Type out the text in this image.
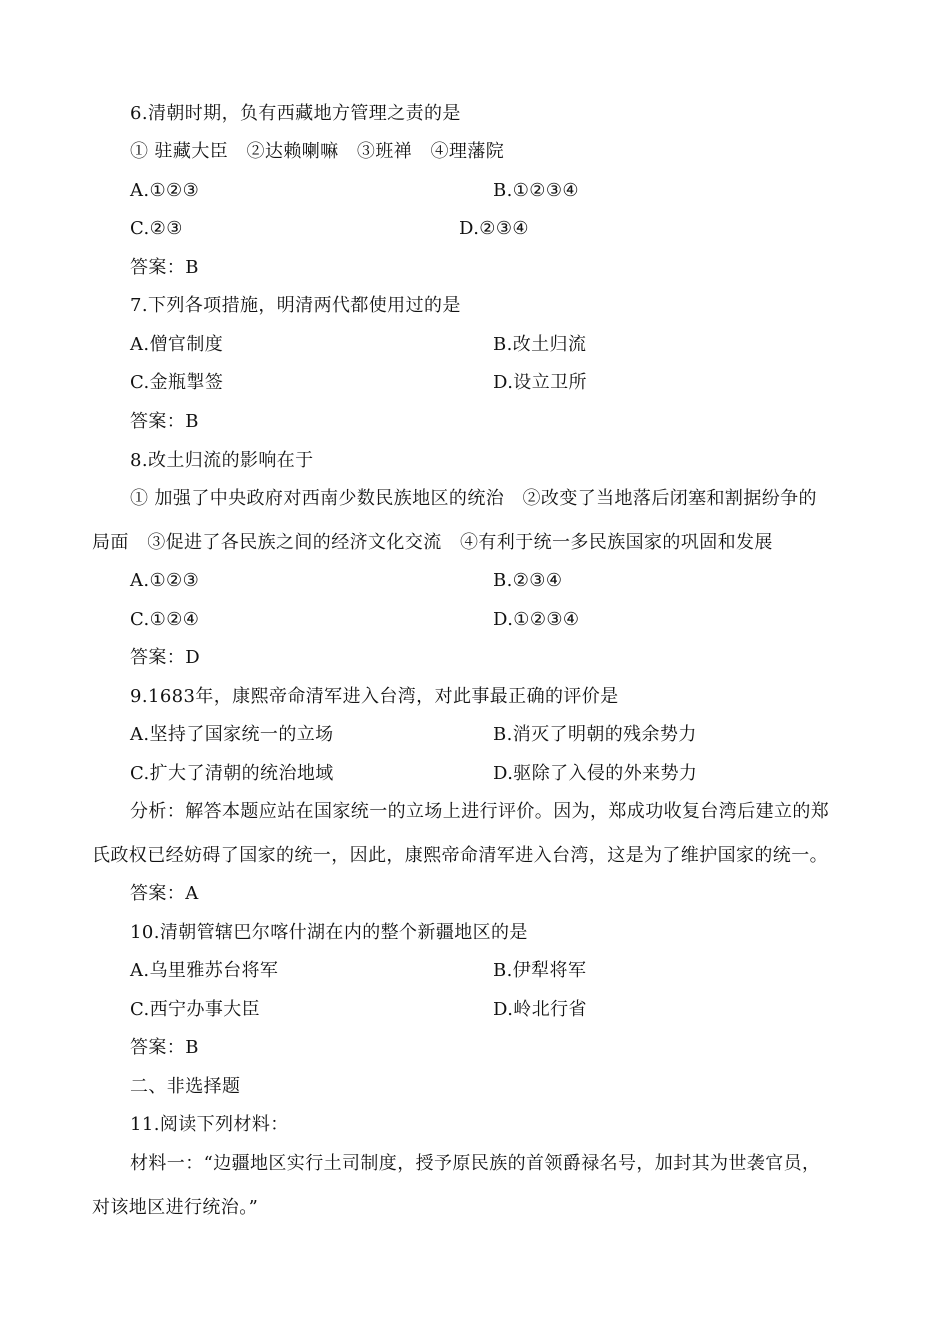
6.清朝时期，负有西藏地方管理之责的是
① 驻藏大臣　②达赖喇嘛　③班禅　④理藩院
A.①②③	B.①②③④
C.②③	D.②③④
答案：B
7.下列各项措施，明清两代都使用过的是
A.僧官制度	B.改土归流
C.金瓶掣签	D.设立卫所
答案：B
8.改土归流的影响在于
① 加强了中央政府对西南少数民族地区的统治　②改变了当地落后闭塞和割据纷争的
局面　③促进了各民族之间的经济文化交流　④有利于统一多民族国家的巩固和发展
A.①②③	B.②③④
C.①②④	D.①②③④
答案：D
9.1683年，康熙帝命清军进入台湾，对此事最正确的评价是
A.坚持了国家统一的立场	B.消灭了明朝的残余势力
C.扩大了清朝的统治地域	D.驱除了入侵的外来势力
分析：解答本题应站在国家统一的立场上进行评价。因为，郑成功收复台湾后建立的郑
氏政权已经妨碍了国家的统一，因此，康熙帝命清军进入台湾，这是为了维护国家的统一。
答案：A
10.清朝管辖巴尔喀什湖在内的整个新疆地区的是
A.乌里雅苏台将军	B.伊犁将军
C.西宁办事大臣	D.岭北行省
答案：B
二、非选择题
11.阅读下列材料：
材料一：“边疆地区实行土司制度，授予原民族的首领爵禄名号，加封其为世袭官员，
对该地区进行统治。”
